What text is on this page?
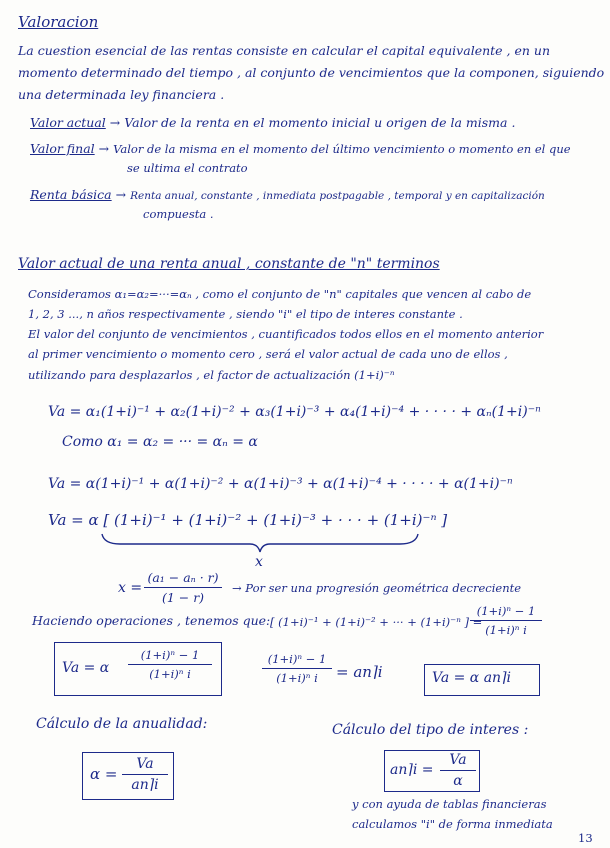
Valoracion
La cuestion esencial de las rentas consiste en calcular el capital equivalente , en un
momento determinado del tiempo , al conjunto de vencimientos que la componen, siguiendo
una determinada ley financiera .
Valor actual → Valor de la renta en el momento inicial u origen de la misma .
Valor final → Valor de la misma en el momento del último vencimiento o momento en el que
se ultima el contrato
Renta básica → Renta anual, constante , inmediata postpagable , temporal y en capitalización
compuesta .
Valor actual de una renta anual , constante de "n" terminos
Consideramos α₁=α₂=···=αₙ , como el conjunto de "n" capitales que vencen al cabo de
1, 2, 3 ..., n años respectivamente , siendo "i" el tipo de interes constante .
El valor del conjunto de vencimientos , cuantificados todos ellos en el momento anterior
al primer vencimiento o momento cero , será el valor actual de cada uno de ellos ,
utilizando para desplazarlos , el factor de actualización (1+i)⁻ⁿ
Va = α₁(1+i)⁻¹ + α₂(1+i)⁻² + α₃(1+i)⁻³ + α₄(1+i)⁻⁴ + · · · · + αₙ(1+i)⁻ⁿ
Como α₁ = α₂ = ··· = αₙ = α
Va = α(1+i)⁻¹ + α(1+i)⁻² + α(1+i)⁻³ + α(1+i)⁻⁴ + · · · · + α(1+i)⁻ⁿ
Va = α [ (1+i)⁻¹ + (1+i)⁻² + (1+i)⁻³ + · · · + (1+i)⁻ⁿ ]
x
x =
(a₁ − aₙ · r)
(1 − r)
→ Por ser una progresión geométrica decreciente
Haciendo operaciones , tenemos que: [ (1+i)⁻¹ + (1+i)⁻² + ··· + (1+i)⁻ⁿ ] =
(1+i)ⁿ − 1
(1+i)ⁿ i
Va = α
(1+i)ⁿ − 1
(1+i)ⁿ i
(1+i)ⁿ − 1
(1+i)ⁿ i	= an⌉i	Va = α an⌉i
Cálculo de la anualidad:	Cálculo del tipo de interes :
α =
Va
an⌉i
an⌉i =
Va
α
y con ayuda de tablas financieras
calculamos "i" de forma inmediata
13
